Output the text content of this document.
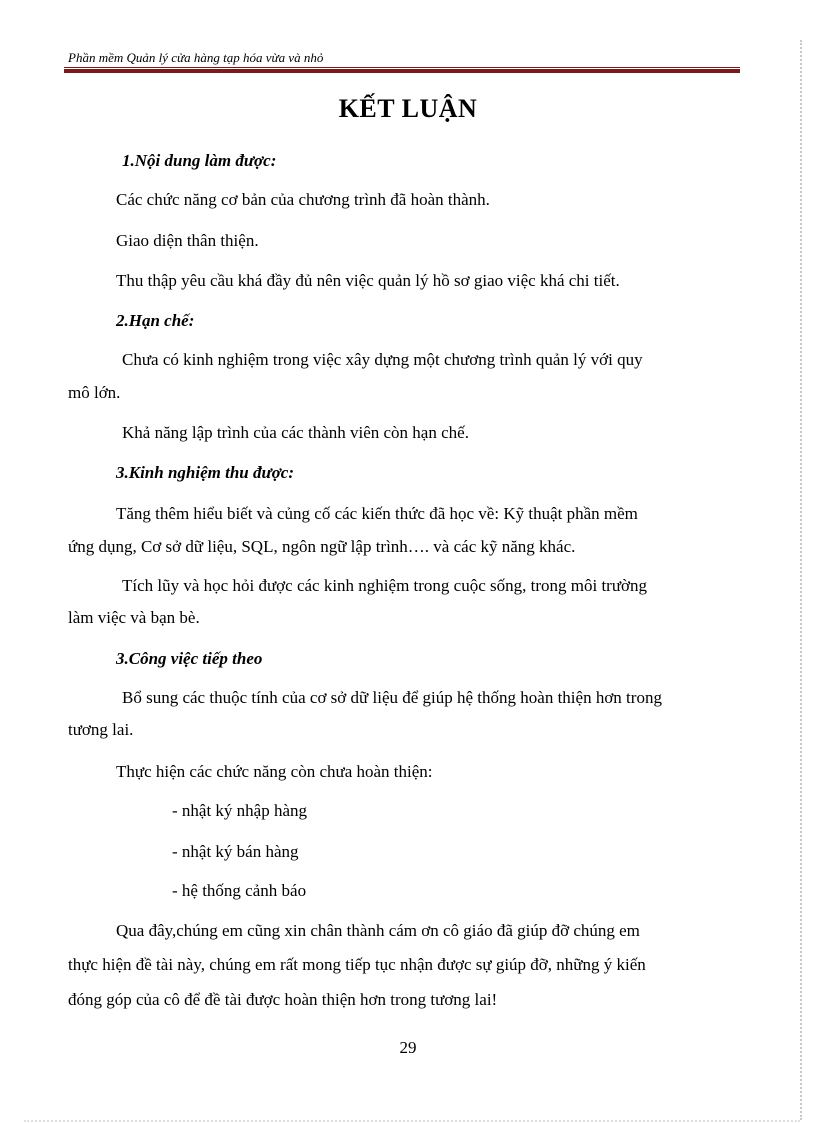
Phần mềm Quản lý cửa hàng tạp hóa vừa và nhỏ
KẾT LUẬN
1.Nội dung làm được:
Các chức năng cơ bản của chương trình đã hoàn thành.
Giao diện thân thiện.
Thu thập yêu cầu khá đầy đủ nên việc quản lý hồ sơ giao việc khá chi tiết.
2.Hạn chế:
Chưa có kinh nghiệm trong việc xây dựng một chương trình quản lý với quy
mô lớn.
Khả năng lập trình của các thành viên còn hạn chế.
3.Kinh nghiệm thu được:
Tăng thêm hiểu biết và củng cố các kiến thức đã học về: Kỹ thuật phần mềm
ứng dụng, Cơ sở dữ liệu, SQL, ngôn ngữ lập trình…. và các kỹ năng khác.
Tích lũy và học hỏi được các kinh nghiệm trong cuộc sống, trong môi trường
làm việc và bạn bè.
3.Công việc tiếp theo
Bổ sung các thuộc tính của cơ sở dữ liệu để giúp hệ thống hoàn thiện hơn trong
tương lai.
Thực hiện các chức năng còn chưa hoàn thiện:
- nhật ký nhập hàng
- nhật ký bán hàng
- hệ thống cảnh báo
Qua đây,chúng em cũng xin chân thành cám ơn cô giáo đã giúp đỡ chúng em
thực hiện đề tài này, chúng em rất mong tiếp tục nhận được sự giúp đỡ, những ý kiến
đóng góp của cô để đề tài được hoàn thiện hơn trong tương lai!
29
